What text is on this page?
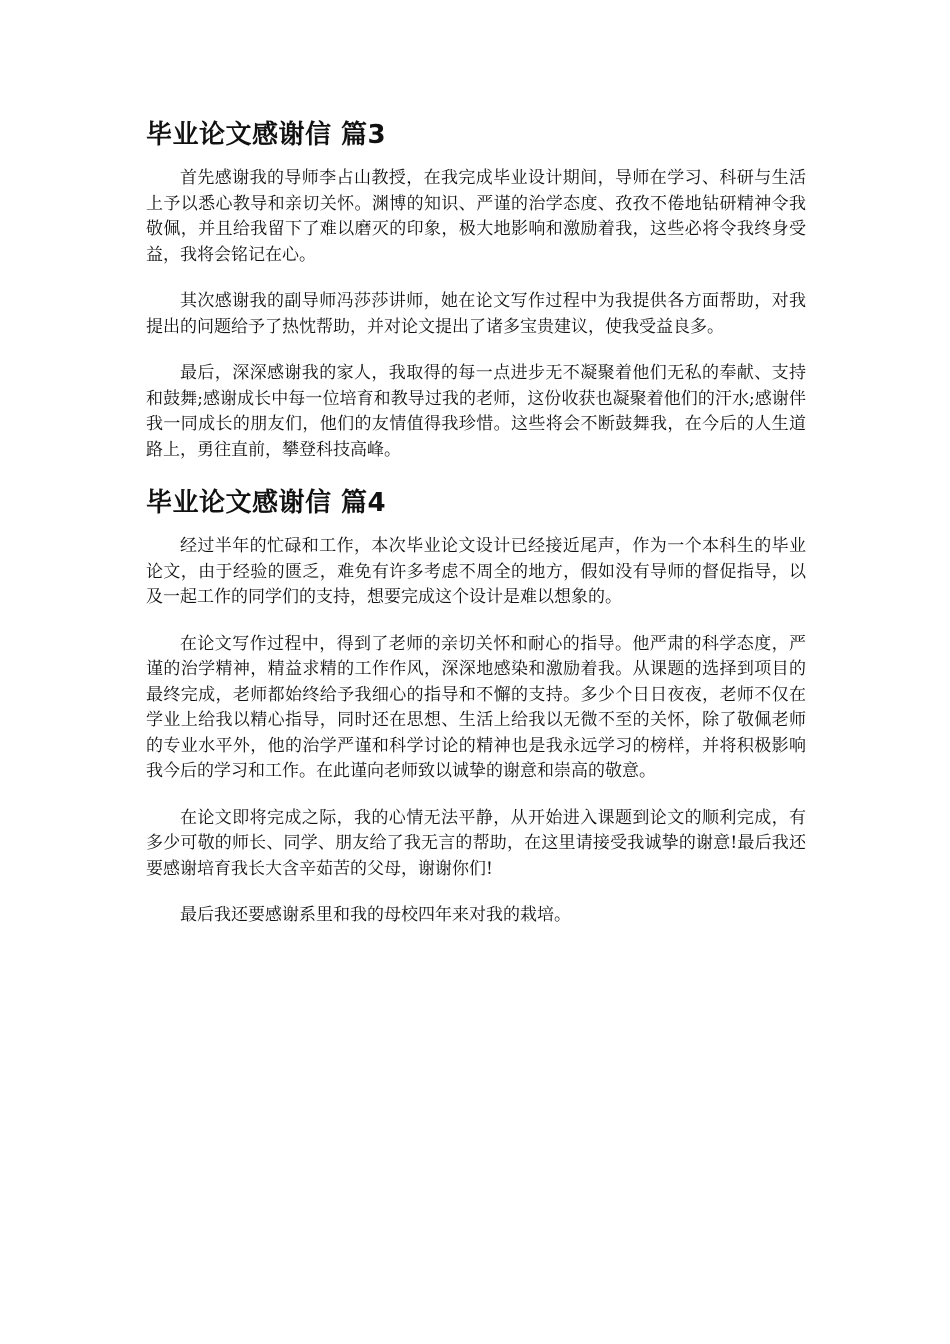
毕业论文感谢信 篇3

首先感谢我的导师李占山教授，在我完成毕业设计期间，导师在学习、科研与生活上予以悉心教导和亲切关怀。渊博的知识、严谨的治学态度、孜孜不倦地钻研精神令我敬佩，并且给我留下了难以磨灭的印象，极大地影响和激励着我，这些必将令我终身受益，我将会铭记在心。

其次感谢我的副导师冯莎莎讲师，她在论文写作过程中为我提供各方面帮助，对我提出的问题给予了热忱帮助，并对论文提出了诸多宝贵建议，使我受益良多。

最后，深深感谢我的家人，我取得的每一点进步无不凝聚着他们无私的奉献、支持和鼓舞;感谢成长中每一位培育和教导过我的老师，这份收获也凝聚着他们的汗水;感谢伴我一同成长的朋友们，他们的友情值得我珍惜。这些将会不断鼓舞我，在今后的人生道路上，勇往直前，攀登科技高峰。

毕业论文感谢信 篇4

经过半年的忙碌和工作，本次毕业论文设计已经接近尾声，作为一个本科生的毕业论文，由于经验的匮乏，难免有许多考虑不周全的地方，假如没有导师的督促指导，以及一起工作的同学们的支持，想要完成这个设计是难以想象的。

在论文写作过程中，得到了老师的亲切关怀和耐心的指导。他严肃的科学态度，严谨的治学精神，精益求精的工作作风，深深地感染和激励着我。从课题的选择到项目的最终完成，老师都始终给予我细心的指导和不懈的支持。多少个日日夜夜，老师不仅在学业上给我以精心指导，同时还在思想、生活上给我以无微不至的关怀，除了敬佩老师的专业水平外，他的治学严谨和科学讨论的精神也是我永远学习的榜样，并将积极影响我今后的学习和工作。在此谨向老师致以诚挚的谢意和崇高的敬意。

在论文即将完成之际，我的心情无法平静，从开始进入课题到论文的顺利完成，有多少可敬的师长、同学、朋友给了我无言的帮助，在这里请接受我诚挚的谢意!最后我还要感谢培育我长大含辛茹苦的父母，谢谢你们!

最后我还要感谢系里和我的母校四年来对我的栽培。
